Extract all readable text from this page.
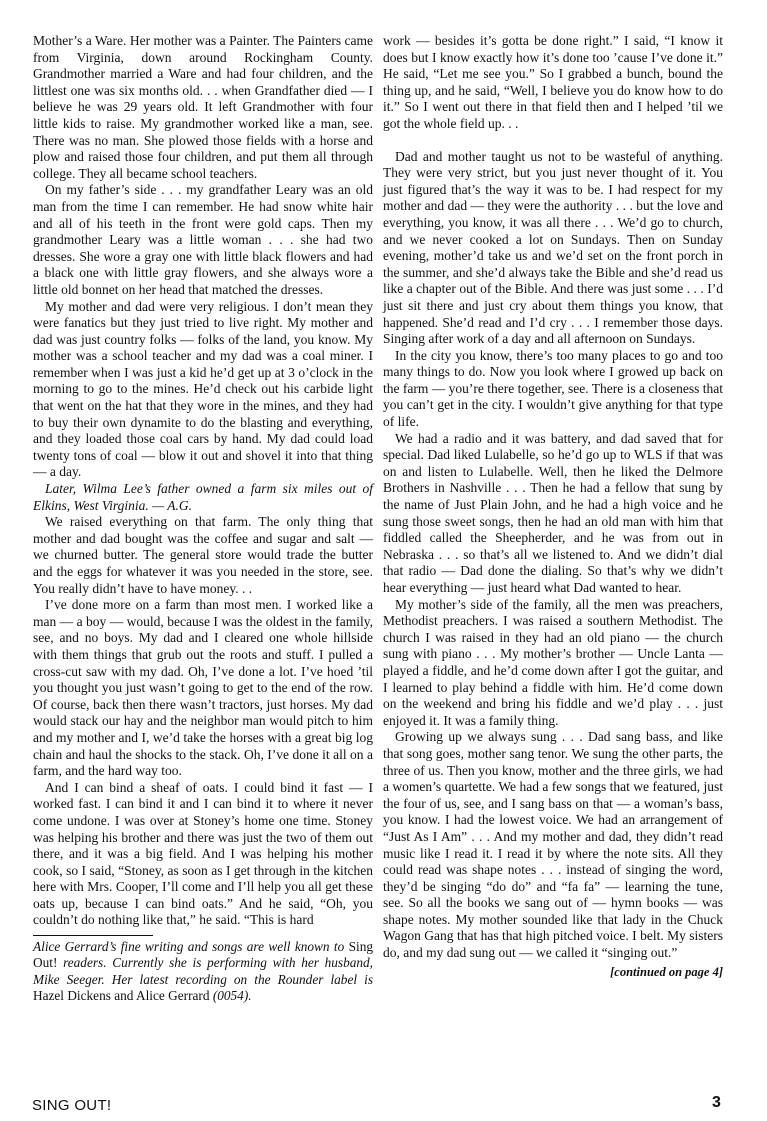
Mother’s a Ware. Her mother was a Painter. The Painters came from Virginia, down around Rockingham County. Grandmother married a Ware and had four children, and the littlest one was six months old. . . when Grandfather died — I believe he was 29 years old. It left Grandmother with four little kids to raise. My grandmother worked like a man, see. There was no man. She plowed those fields with a horse and plow and raised those four children, and put them all through college. They all became school teachers.

On my father’s side . . . my grandfather Leary was an old man from the time I can remember. He had snow white hair and all of his teeth in the front were gold caps. Then my grandmother Leary was a little woman . . . she had two dresses. She wore a gray one with little black flowers and had a black one with little gray flowers, and she always wore a little old bonnet on her head that matched the dresses.

My mother and dad were very religious. I don’t mean they were fanatics but they just tried to live right. My mother and dad was just country folks — folks of the land, you know. My mother was a school teacher and my dad was a coal miner. I remember when I was just a kid he’d get up at 3 o’clock in the morning to go to the mines. He’d check out his carbide light that went on the hat that they wore in the mines, and they had to buy their own dynamite to do the blasting and everything, and they loaded those coal cars by hand. My dad could load twenty tons of coal — blow it out and shovel it into that thing — a day.

Later, Wilma Lee’s father owned a farm six miles out of Elkins, West Virginia. — A.G.

We raised everything on that farm. The only thing that mother and dad bought was the coffee and sugar and salt — we churned butter. The general store would trade the butter and the eggs for whatever it was you needed in the store, see. You really didn’t have to have money. . .

I’ve done more on a farm than most men. I worked like a man — a boy — would, because I was the oldest in the family, see, and no boys. My dad and I cleared one whole hillside with them things that grub out the roots and stuff. I pulled a cross-cut saw with my dad. Oh, I’ve done a lot. I’ve hoed ’til you thought you just wasn’t going to get to the end of the row. Of course, back then there wasn’t tractors, just horses. My dad would stack our hay and the neighbor man would pitch to him and my mother and I, we’d take the horses with a great big log chain and haul the shocks to the stack. Oh, I’ve done it all on a farm, and the hard way too.

And I can bind a sheaf of oats. I could bind it fast — I worked fast. I can bind it and I can bind it to where it never come undone. I was over at Stoney’s home one time. Stoney was helping his brother and there was just the two of them out there, and it was a big field. And I was helping his mother cook, so I said, “Stoney, as soon as I get through in the kitchen here with Mrs. Cooper, I’ll come and I’ll help you all get these oats up, because I can bind oats.” And he said, “Oh, you couldn’t do nothing like that,” he said. “This is hard

Alice Gerrard’s fine writing and songs are well known to Sing Out! readers. Currently she is performing with her husband, Mike Seeger. Her latest recording on the Rounder label is Hazel Dickens and Alice Gerrard (0054).

work — besides it’s gotta be done right.” I said, “I know it does but I know exactly how it’s done too ’cause I’ve done it.” He said, “Let me see you.” So I grabbed a bunch, bound the thing up, and he said, “Well, I believe you do know how to do it.” So I went out there in that field then and I helped ’til we got the whole field up. . .

Dad and mother taught us not to be wasteful of anything. They were very strict, but you just never thought of it. You just figured that’s the way it was to be. I had respect for my mother and dad — they were the authority . . . but the love and everything, you know, it was all there . . . We’d go to church, and we never cooked a lot on Sundays. Then on Sunday evening, mother’d take us and we’d set on the front porch in the summer, and she’d always take the Bible and she’d read us like a chapter out of the Bible. And there was just some . . . I’d just sit there and just cry about them things you know, that happened. She’d read and I’d cry . . . I remember those days. Singing after work of a day and all afternoon on Sundays.

In the city you know, there’s too many places to go and too many things to do. Now you look where I growed up back on the farm — you’re there together, see. There is a closeness that you can’t get in the city. I wouldn’t give anything for that type of life.

We had a radio and it was battery, and dad saved that for special. Dad liked Lulabelle, so he’d go up to WLS if that was on and listen to Lulabelle. Well, then he liked the Delmore Brothers in Nashville . . . Then he had a fellow that sung by the name of Just Plain John, and he had a high voice and he sung those sweet songs, then he had an old man with him that fiddled called the Sheepherder, and he was from out in Nebraska . . . so that’s all we listened to. And we didn’t dial that radio — Dad done the dialing. So that’s why we didn’t hear everything — just heard what Dad wanted to hear.

My mother’s side of the family, all the men was preachers, Methodist preachers. I was raised a southern Methodist. The church I was raised in they had an old piano — the church sung with piano . . . My mother’s brother — Uncle Lanta — played a fiddle, and he’d come down after I got the guitar, and I learned to play behind a fiddle with him. He’d come down on the weekend and bring his fiddle and we’d play . . . just enjoyed it. It was a family thing.

Growing up we always sung . . . Dad sang bass, and like that song goes, mother sang tenor. We sung the other parts, the three of us. Then you know, mother and the three girls, we had a women’s quartette. We had a few songs that we featured, just the four of us, see, and I sang bass on that — a woman’s bass, you know. I had the lowest voice. We had an arrangement of “Just As I Am” . . . And my mother and dad, they didn’t read music like I read it. I read it by where the note sits. All they could read was shape notes . . . instead of singing the word, they’d be singing “do do” and “fa fa” — learning the tune, see. So all the books we sang out of — hymn books — was shape notes. My mother sounded like that lady in the Chuck Wagon Gang that has that high pitched voice. I belt. My sisters do, and my dad sung out — we called it “singing out.”

[continued on page 4]
SING OUT!	3
